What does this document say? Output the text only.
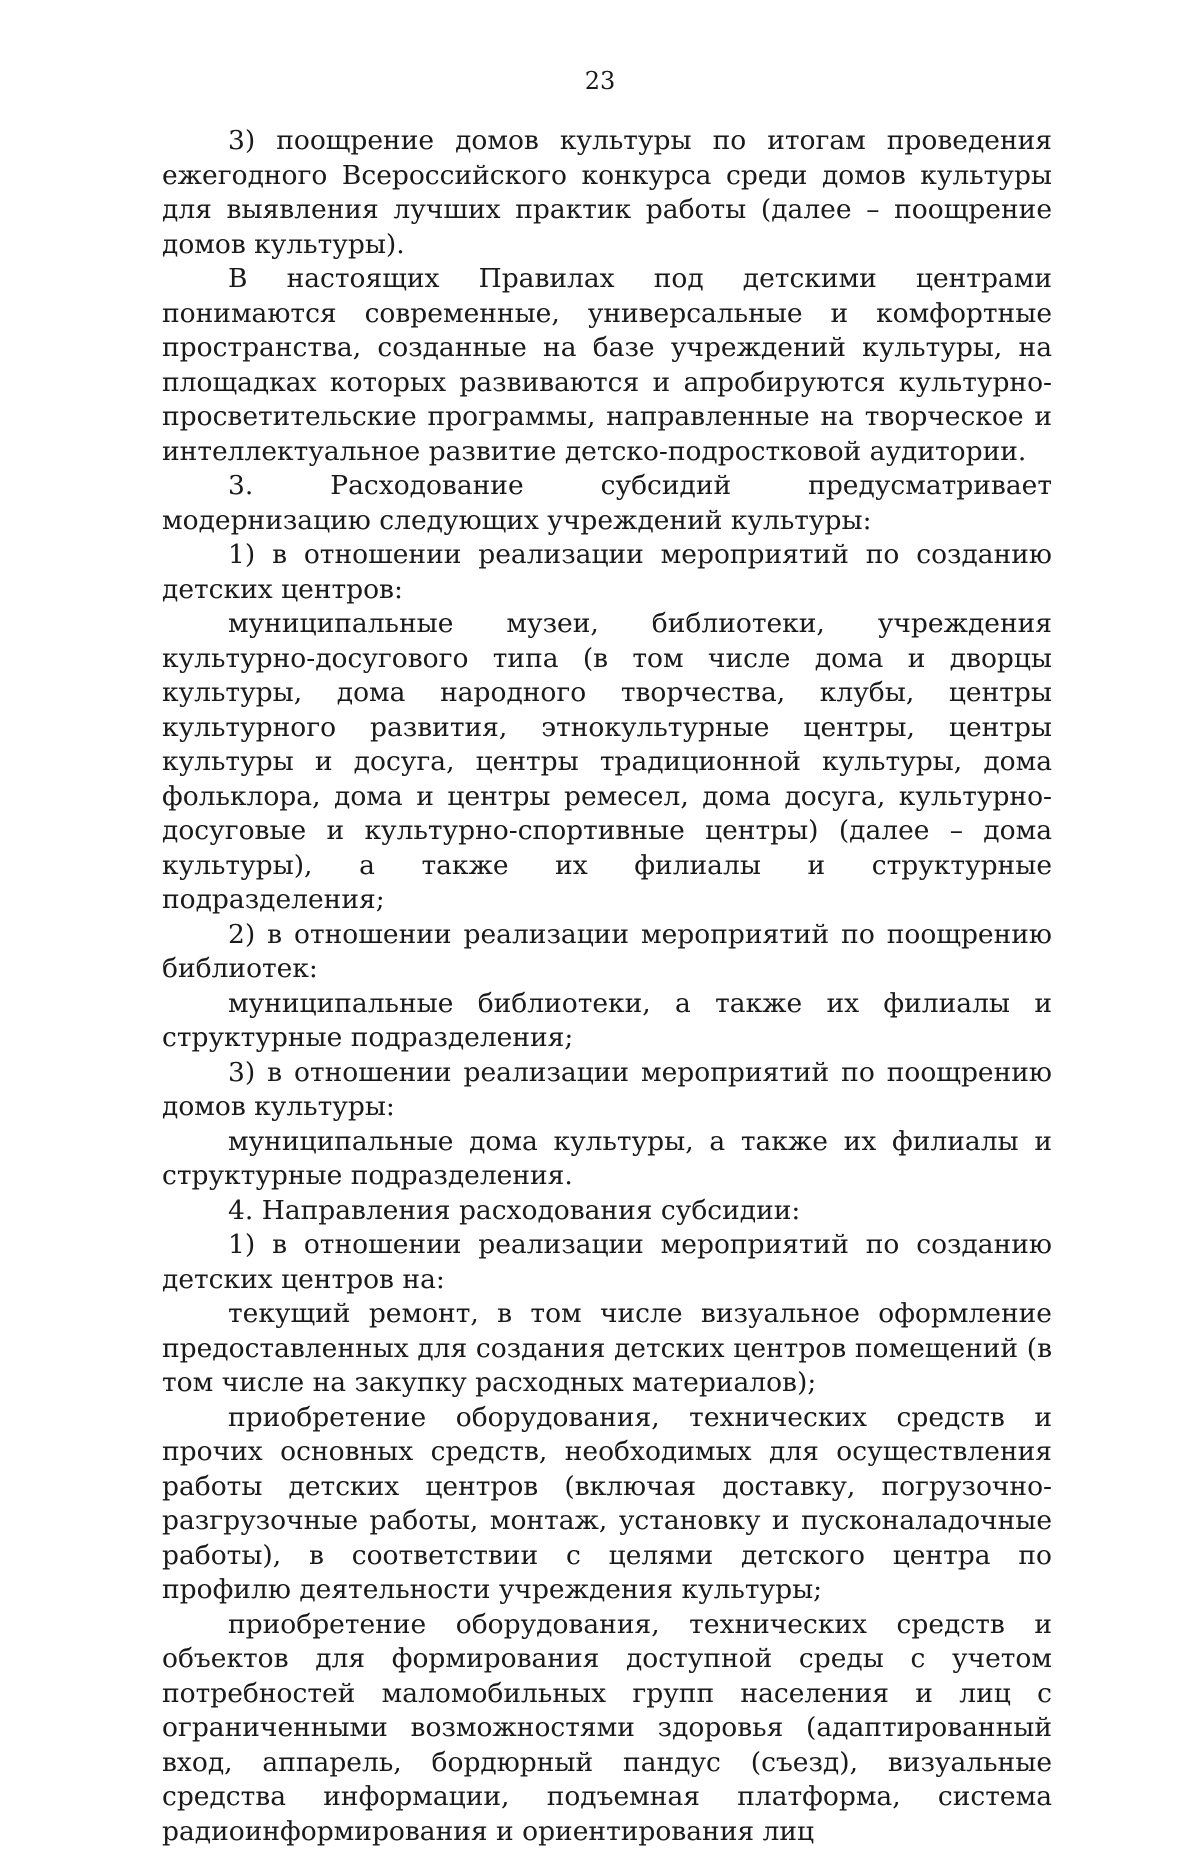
23

3) поощрение домов культуры по итогам проведения ежегодного Всероссийского конкурса среди домов культуры для выявления лучших практик работы (далее – поощрение домов культуры).

В настоящих Правилах под детскими центрами понимаются современные, универсальные и комфортные пространства, созданные на базе учреждений культуры, на площадках которых развиваются и апробируются культурно-просветительские программы, направленные на творческое и интеллектуальное развитие детско-подростковой аудитории.

3. Расходование субсидий предусматривает модернизацию следующих учреждений культуры:

1) в отношении реализации мероприятий по созданию детских центров:

муниципальные музеи, библиотеки, учреждения культурно-досугового типа (в том числе дома и дворцы культуры, дома народного творчества, клубы, центры культурного развития, этнокультурные центры, центры культуры и досуга, центры традиционной культуры, дома фольклора, дома и центры ремесел, дома досуга, культурно-досуговые и культурно-спортивные центры) (далее – дома культуры), а также их филиалы и структурные подразделения;

2) в отношении реализации мероприятий по поощрению библиотек:

муниципальные библиотеки, а также их филиалы и структурные подразделения;

3) в отношении реализации мероприятий по поощрению домов культуры:

муниципальные дома культуры, а также их филиалы и структурные подразделения.

4. Направления расходования субсидии:

1) в отношении реализации мероприятий по созданию детских центров на:

текущий ремонт, в том числе визуальное оформление предоставленных для создания детских центров помещений (в том числе на закупку расходных материалов);

приобретение оборудования, технических средств и прочих основных средств, необходимых для осуществления работы детских центров (включая доставку, погрузочно-разгрузочные работы, монтаж, установку и пусконаладочные работы), в соответствии с целями детского центра по профилю деятельности учреждения культуры;

приобретение оборудования, технических средств и объектов для формирования доступной среды с учетом потребностей маломобильных групп населения и лиц с ограниченными возможностями здоровья (адаптированный вход, аппарель, бордюрный пандус (съезд), визуальные средства информации, подъемная платформа, система радиоинформирования и ориентирования лиц
